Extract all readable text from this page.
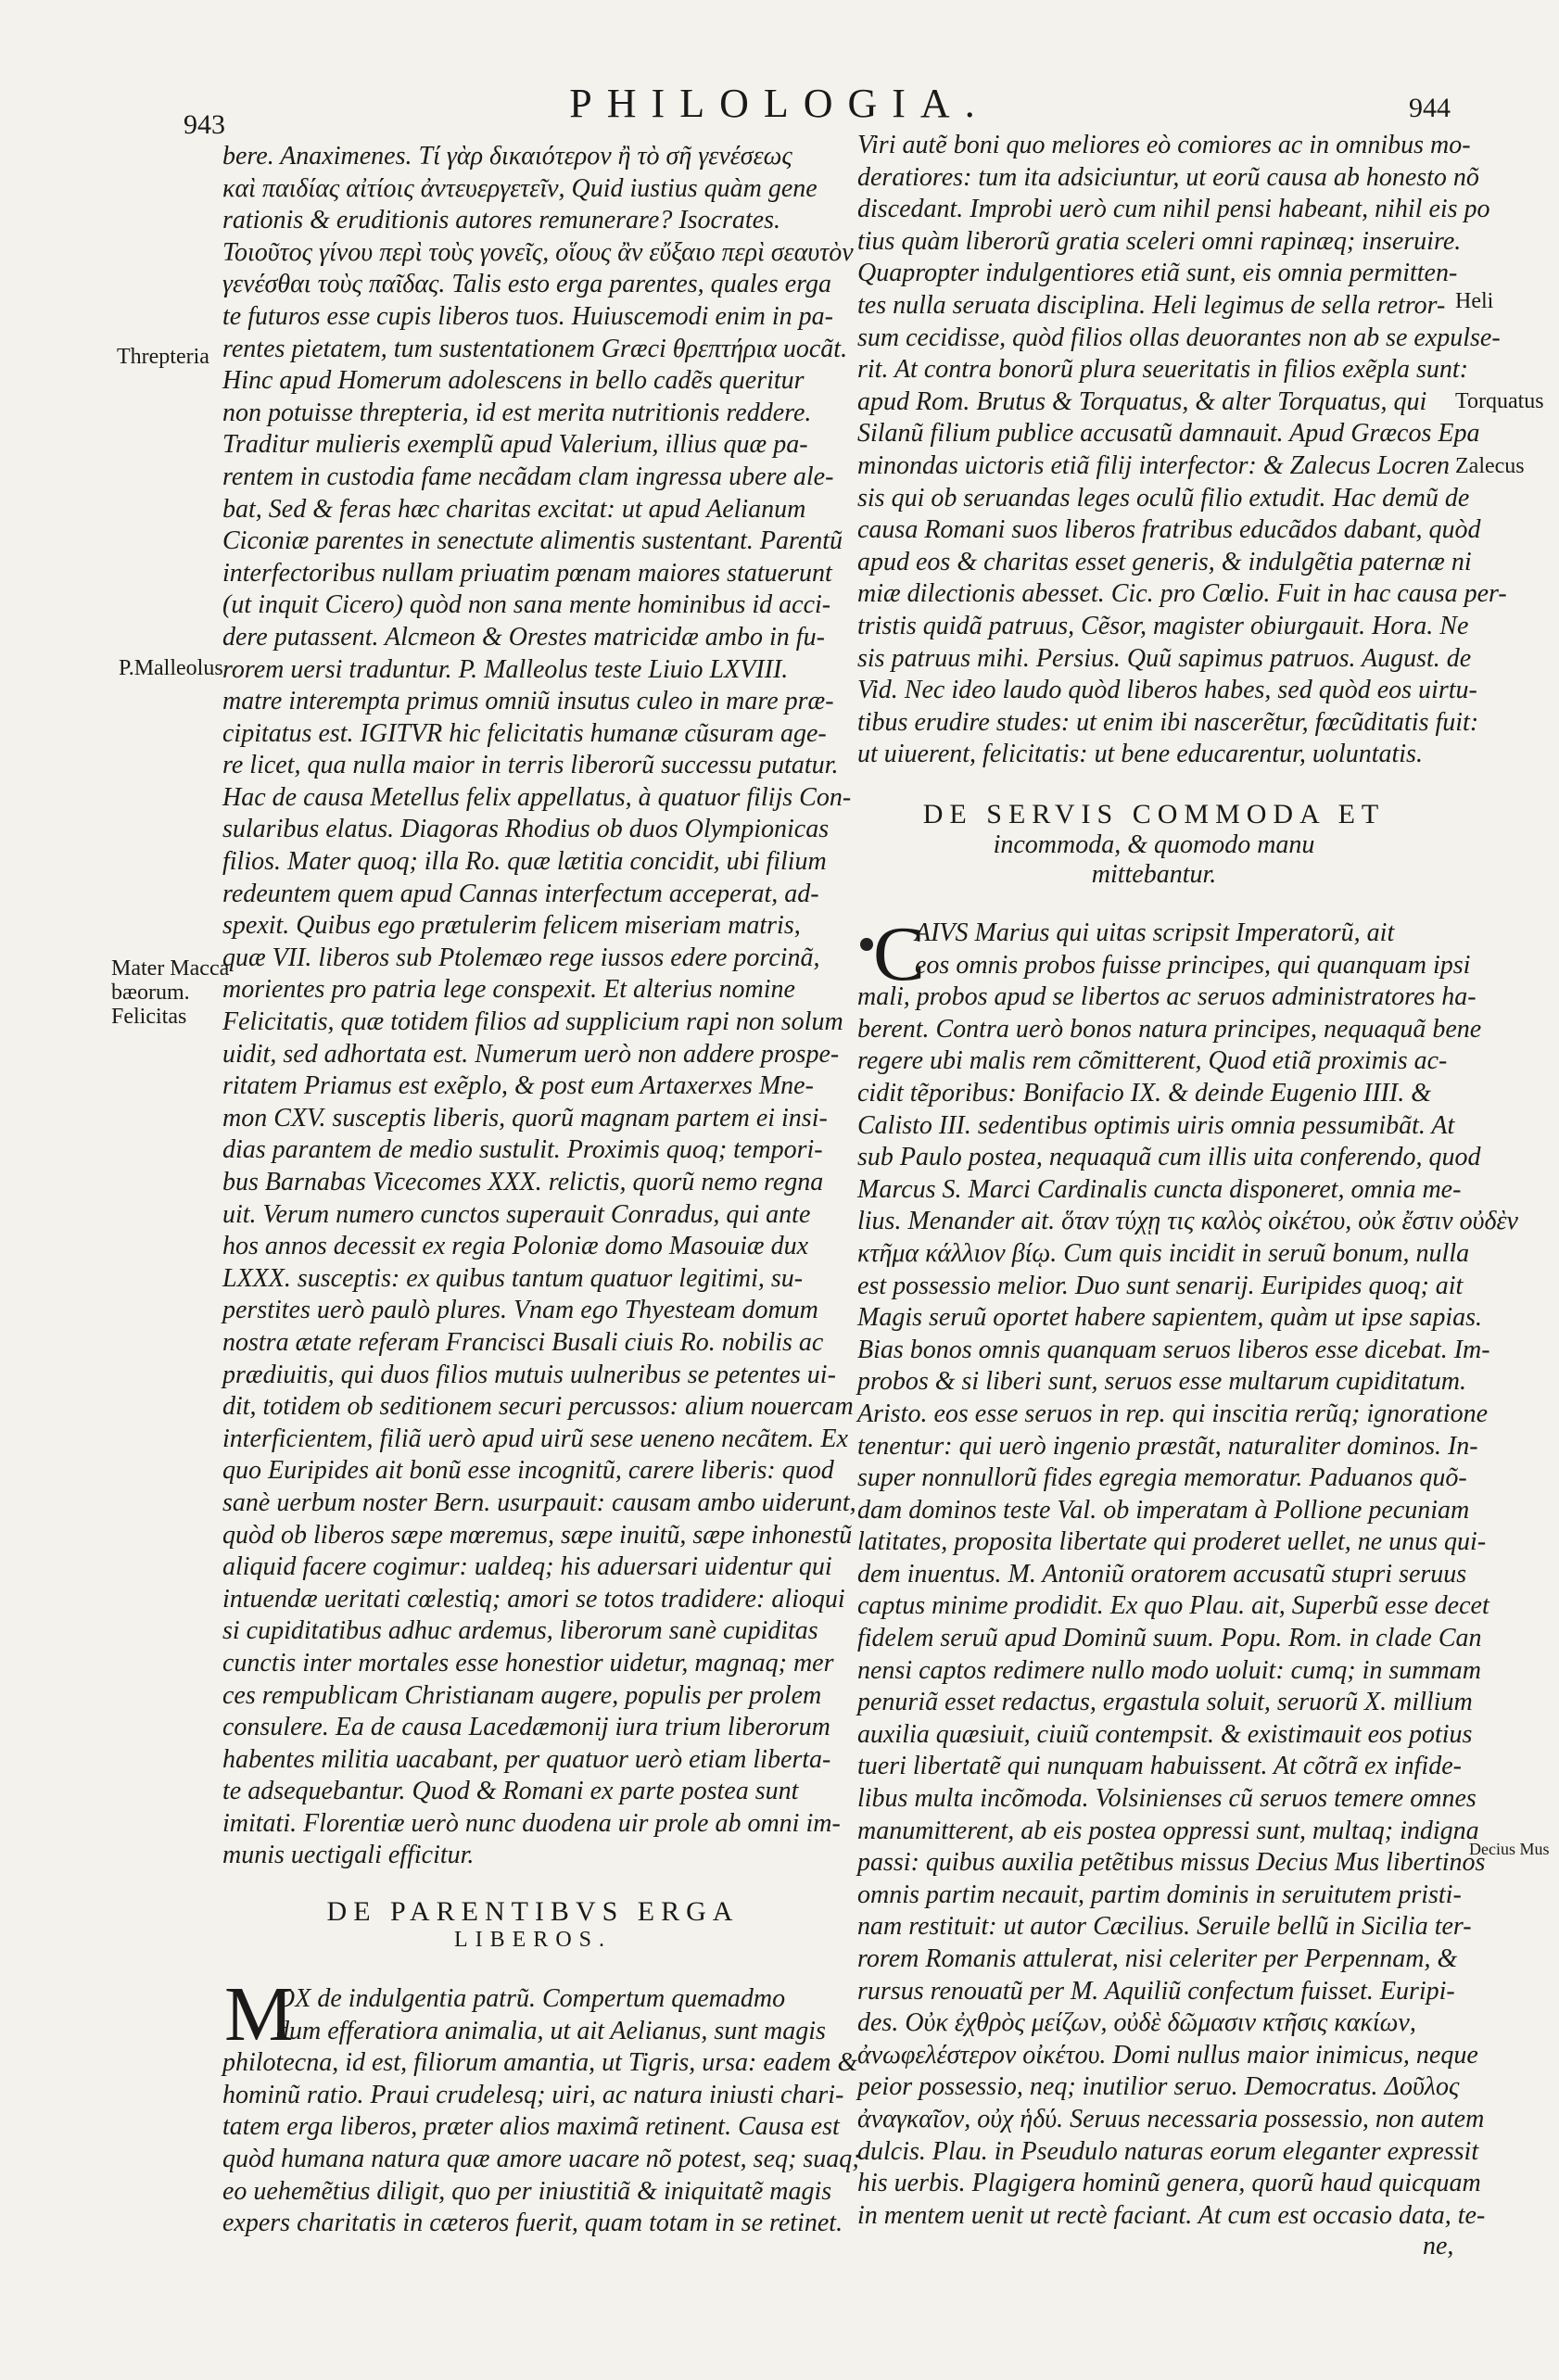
943	PHILOLOGIA.	944

bere. Anaximenes. Τί γὰρ δικαιότερον ἢ τὸ σῆ γενέσεως

καὶ παιδίας αἰτίοις ἀντευεργετεῖν, Quid iustius quàm gene

rationis & eruditionis autores remunerare? Isocrates.

Τοιοῦτος γίνου περὶ τοὺς γονεῖς, οἵους ἂν εὔξαιο περὶ σεαυτὸν

γενέσθαι τοὺς παῖδας. Talis esto erga parentes, quales erga

te futuros esse cupis liberos tuos. Huiuscemodi enim in pa-

rentes pietatem, tum sustentationem Græci θρεπτήρια uocãt.

Hinc apud Homerum adolescens in bello cadẽs queritur

non potuisse threpteria, id est merita nutritionis reddere.

Traditur mulieris exemplũ apud Valerium, illius quæ pa-

rentem in custodia fame necãdam clam ingressa ubere ale-

bat, Sed & feras hæc charitas excitat: ut apud Aelianum

Ciconiæ parentes in senectute alimentis sustentant. Parentũ

interfectoribus nullam priuatim pœnam maiores statuerunt

(ut inquit Cicero) quòd non sana mente hominibus id acci-

dere putassent. Alcmeon & Orestes matricidæ ambo in fu-

rorem uersi traduntur. P. Malleolus teste Liuio LXVIII.

matre interempta primus omniũ insutus culeo in mare præ-

cipitatus est. IGITVR hic felicitatis humanæ cũsuram age-

re licet, qua nulla maior in terris liberorũ successu putatur.

Hac de causa Metellus felix appellatus, à quatuor filijs Con-

sularibus elatus. Diagoras Rhodius ob duos Olympionicas

filios. Mater quoq; illa Ro. quæ lætitia concidit, ubi filium

redeuntem quem apud Cannas interfectum acceperat, ad-

spexit. Quibus ego prætulerim felicem miseriam matris,

quæ VII. liberos sub Ptolemæo rege iussos edere porcinã,

morientes pro patria lege conspexit. Et alterius nomine

Felicitatis, quæ totidem filios ad supplicium rapi non solum

uidit, sed adhortata est. Numerum uerò non addere prospe-

ritatem Priamus est exẽplo, & post eum Artaxerxes Mne-

mon CXV. susceptis liberis, quorũ magnam partem ei insi-

dias parantem de medio sustulit. Proximis quoq; tempori-

bus Barnabas Vicecomes XXX. relictis, quorũ nemo regna

uit. Verum numero cunctos superauit Conradus, qui ante

hos annos decessit ex regia Poloniæ domo Masouiæ dux

LXXX. susceptis: ex quibus tantum quatuor legitimi, su-

perstites uerò paulò plures. Vnam ego Thyesteam domum

nostra ætate referam Francisci Busali ciuis Ro. nobilis ac

prædiuitis, qui duos filios mutuis uulneribus se petentes ui-

dit, totidem ob seditionem securi percussos: alium nouercam

interficientem, filiã uerò apud uirũ sese ueneno necãtem. Ex

quo Euripides ait bonũ esse incognitũ, carere liberis: quod

sanè uerbum noster Bern. usurpauit: causam ambo uiderunt,

quòd ob liberos sæpe mœremus, sæpe inuitũ, sæpe inhonestũ

aliquid facere cogimur: ualdeq; his aduersari uidentur qui

intuendæ ueritati cœlestiq; amori se totos tradidere: alioqui

si cupiditatibus adhuc ardemus, liberorum sanè cupiditas

cunctis inter mortales esse honestior uidetur, magnaq; mer

ces rempublicam Christianam augere, populis per prolem

consulere. Ea de causa Lacedæmonij iura trium liberorum

habentes militia uacabant, per quatuor uerò etiam liberta-

te adsequebantur. Quod & Romani ex parte postea sunt

imitati. Florentiæ uerò nunc duodena uir prole ab omni im-

munis uectigali efficitur.

Threpteria
P.Malleolus
Mater Macca
bæorum.
Felicitas
DE PARENTIBVS ERGA
LIBEROS.
M

OX de indulgentia patrũ. Compertum quemadmo

dum efferatiora animalia, ut ait Aelianus, sunt magis

philotecna, id est, filiorum amantia, ut Tigris, ursa: eadem &

hominũ ratio. Praui crudelesq; uiri, ac natura iniusti chari-

tatem erga liberos, præter alios maximã retinent. Causa est

quòd humana natura quæ amore uacare nõ potest, seq; suaq;

eo uehemẽtius diligit, quo per iniustitiã & iniquitatẽ magis

expers charitatis in cæteros fuerit, quam totam in se retinet.

Viri autẽ boni quo meliores eò comiores ac in omnibus mo-

deratiores: tum ita adsiciuntur, ut eorũ causa ab honesto nõ

discedant. Improbi uerò cum nihil pensi habeant, nihil eis po

tius quàm liberorũ gratia sceleri omni rapinæq; inseruire.

Quapropter indulgentiores etiã sunt, eis omnia permitten-

tes nulla seruata disciplina. Heli legimus de sella retror-

sum cecidisse, quòd filios ollas deuorantes non ab se expulse-

rit. At contra bonorũ plura seueritatis in filios exẽpla sunt:

apud Rom. Brutus & Torquatus, & alter Torquatus, qui

Silanũ filium publice accusatũ damnauit. Apud Græcos Epa

minondas uictoris etiã filij interfector: & Zalecus Locren

sis qui ob seruandas leges oculũ filio extudit. Hac demũ de

causa Romani suos liberos fratribus educãdos dabant, quòd

apud eos & charitas esset generis, & indulgẽtia paternæ ni

miæ dilectionis abesset. Cic. pro Cœlio. Fuit in hac causa per-

tristis quidã patruus, Cẽsor, magister obiurgauit. Hora. Ne

sis patruus mihi. Persius. Quũ sapimus patruos. August. de

Vid. Nec ideo laudo quòd liberos habes, sed quòd eos uirtu-

tibus erudire studes: ut enim ibi nascerẽtur, fœcũditatis fuit:

ut uiuerent, felicitatis: ut bene educarentur, uoluntatis.

Heli
Torquatus
Zalecus
Decius Mus
DE SERVIS COMMODA ET
incommoda, & quomodo manu
mittebantur.
C

AIVS Marius qui uitas scripsit Imperatorũ, ait

eos omnis probos fuisse principes, qui quanquam ipsi

mali, probos apud se libertos ac seruos administratores ha-

berent. Contra uerò bonos natura principes, nequaquã bene

regere ubi malis rem cõmitterent, Quod etiã proximis ac-

cidit tẽporibus: Bonifacio IX. & deinde Eugenio IIII. &

Calisto III. sedentibus optimis uiris omnia pessumibãt. At

sub Paulo postea, nequaquã cum illis uita conferendo, quod

Marcus S. Marci Cardinalis cuncta disponeret, omnia me-

lius. Menander ait. ὅταν τύχῃ τις καλὸς οἰκέτου, οὐκ ἔστιν οὐδὲν

κτῆμα κάλλιον βίῳ. Cum quis incidit in seruũ bonum, nulla

est possessio melior. Duo sunt senarij. Euripides quoq; ait

Magis seruũ oportet habere sapientem, quàm ut ipse sapias.

Bias bonos omnis quanquam seruos liberos esse dicebat. Im-

probos & si liberi sunt, seruos esse multarum cupiditatum.

Aristo. eos esse seruos in rep. qui inscitia rerũq; ignoratione

tenentur: qui uerò ingenio præstãt, naturaliter dominos. In-

super nonnullorũ fides egregia memoratur. Paduanos quõ-

dam dominos teste Val. ob imperatam à Pollione pecuniam

latitates, proposita libertate qui proderet uellet, ne unus qui-

dem inuentus. M. Antoniũ oratorem accusatũ stupri seruus

captus minime prodidit. Ex quo Plau. ait, Superbũ esse decet

fidelem seruũ apud Dominũ suum. Popu. Rom. in clade Can

nensi captos redimere nullo modo uoluit: cumq; in summam

penuriã esset redactus, ergastula soluit, seruorũ X. millium

auxilia quæsiuit, ciuiũ contempsit. & existimauit eos potius

tueri libertatẽ qui nunquam habuissent. At cõtrã ex infide-

libus multa incõmoda. Volsinienses cũ seruos temere omnes

manumitterent, ab eis postea oppressi sunt, multaq; indigna

passi: quibus auxilia petẽtibus missus Decius Mus libertinos

omnis partim necauit, partim dominis in seruitutem pristi-

nam restituit: ut autor Cæcilius. Seruile bellũ in Sicilia ter-

rorem Romanis attulerat, nisi celeriter per Perpennam, &

rursus renouatũ per M. Aquiliũ confectum fuisset. Euripi-

des. Οὐκ ἐχθρὸς μείζων, οὐδὲ δῶμασιν κτῆσις κακίων,

ἀνωφελέστερον οἰκέτου. Domi nullus maior inimicus, neque

peior possessio, neq; inutilior seruo. Democratus. Δοῦλος

ἀναγκαῖον, οὐχ ἡδύ. Seruus necessaria possessio, non autem

dulcis. Plau. in Pseudulo naturas eorum eleganter expressit

his uerbis. Plagigera hominũ genera, quorũ haud quicquam

in mentem uenit ut rectè faciant. At cum est occasio data, te-

ne,
